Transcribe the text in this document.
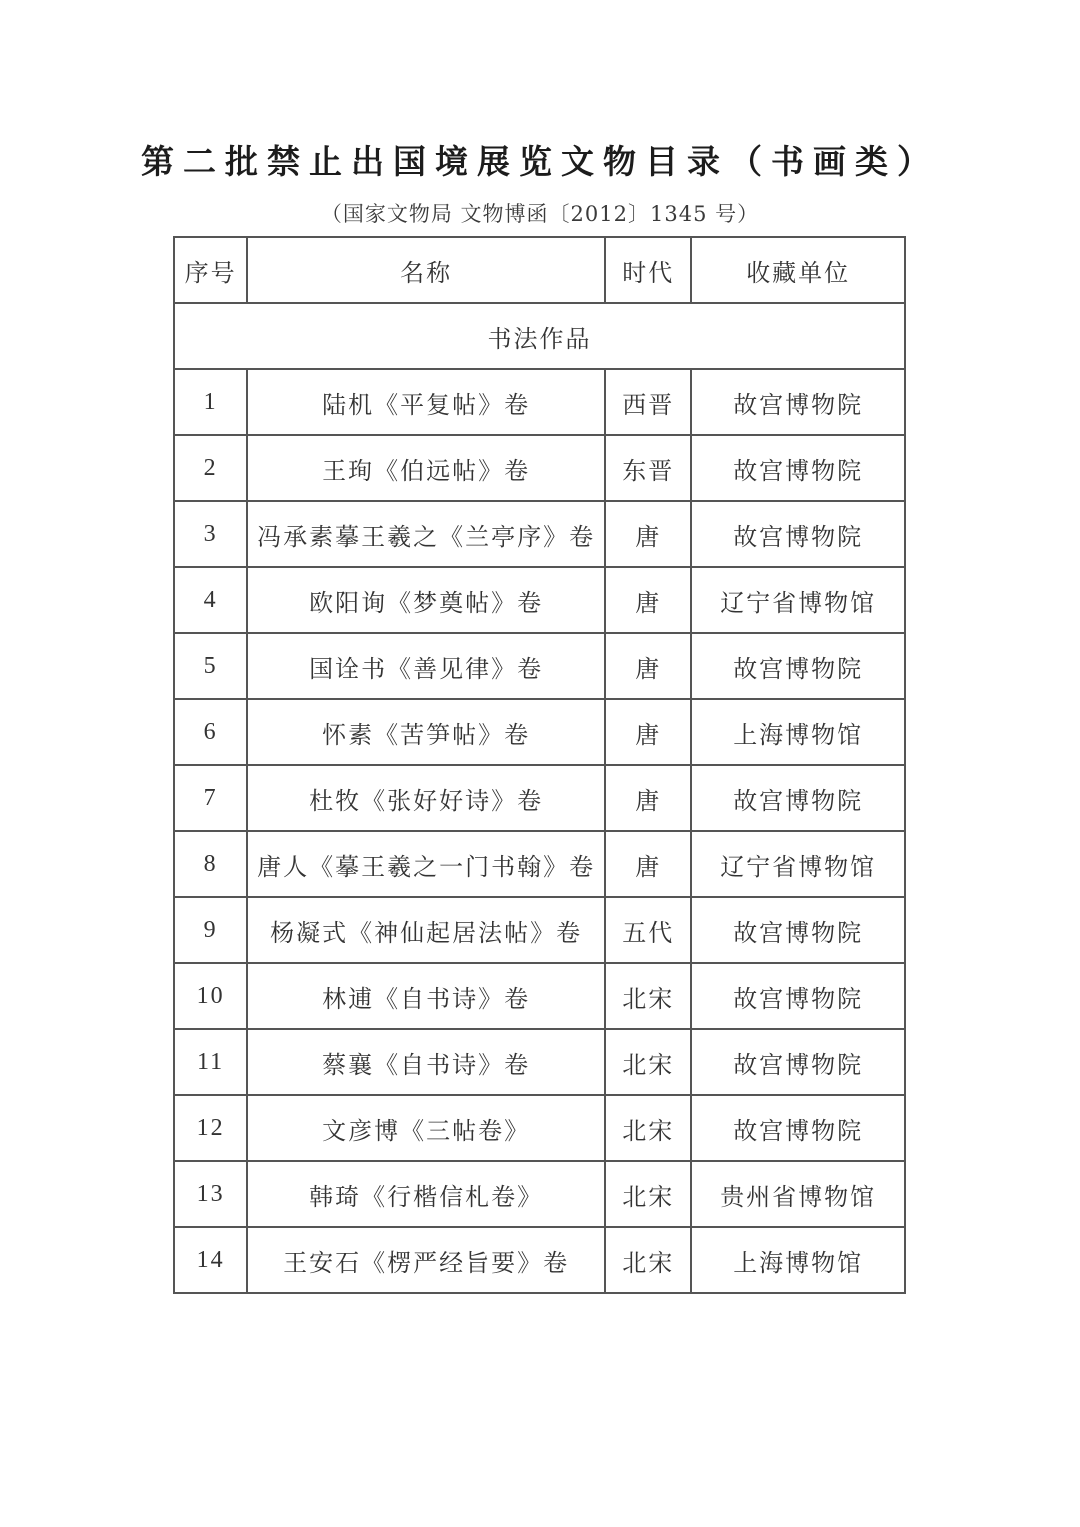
第二批禁止出国境展览文物目录（书画类）
（国家文物局 文物博函〔2012〕1345 号）
序号	名称	时代	收藏单位
书法作品			
1	陆机《平复帖》卷	西晋	故宫博物院
2	王珣《伯远帖》卷	东晋	故宫博物院
3	冯承素摹王羲之《兰亭序》卷	唐	故宫博物院
4	欧阳询《梦奠帖》卷	唐	辽宁省博物馆
5	国诠书《善见律》卷	唐	故宫博物院
6	怀素《苦笋帖》卷	唐	上海博物馆
7	杜牧《张好好诗》卷	唐	故宫博物院
8	唐人《摹王羲之一门书翰》卷	唐	辽宁省博物馆
9	杨凝式《神仙起居法帖》卷	五代	故宫博物院
10	林逋《自书诗》卷	北宋	故宫博物院
11	蔡襄《自书诗》卷	北宋	故宫博物院
12	文彦博《三帖卷》	北宋	故宫博物院
13	韩琦《行楷信札卷》	北宋	贵州省博物馆
14	王安石《楞严经旨要》卷	北宋	上海博物馆
